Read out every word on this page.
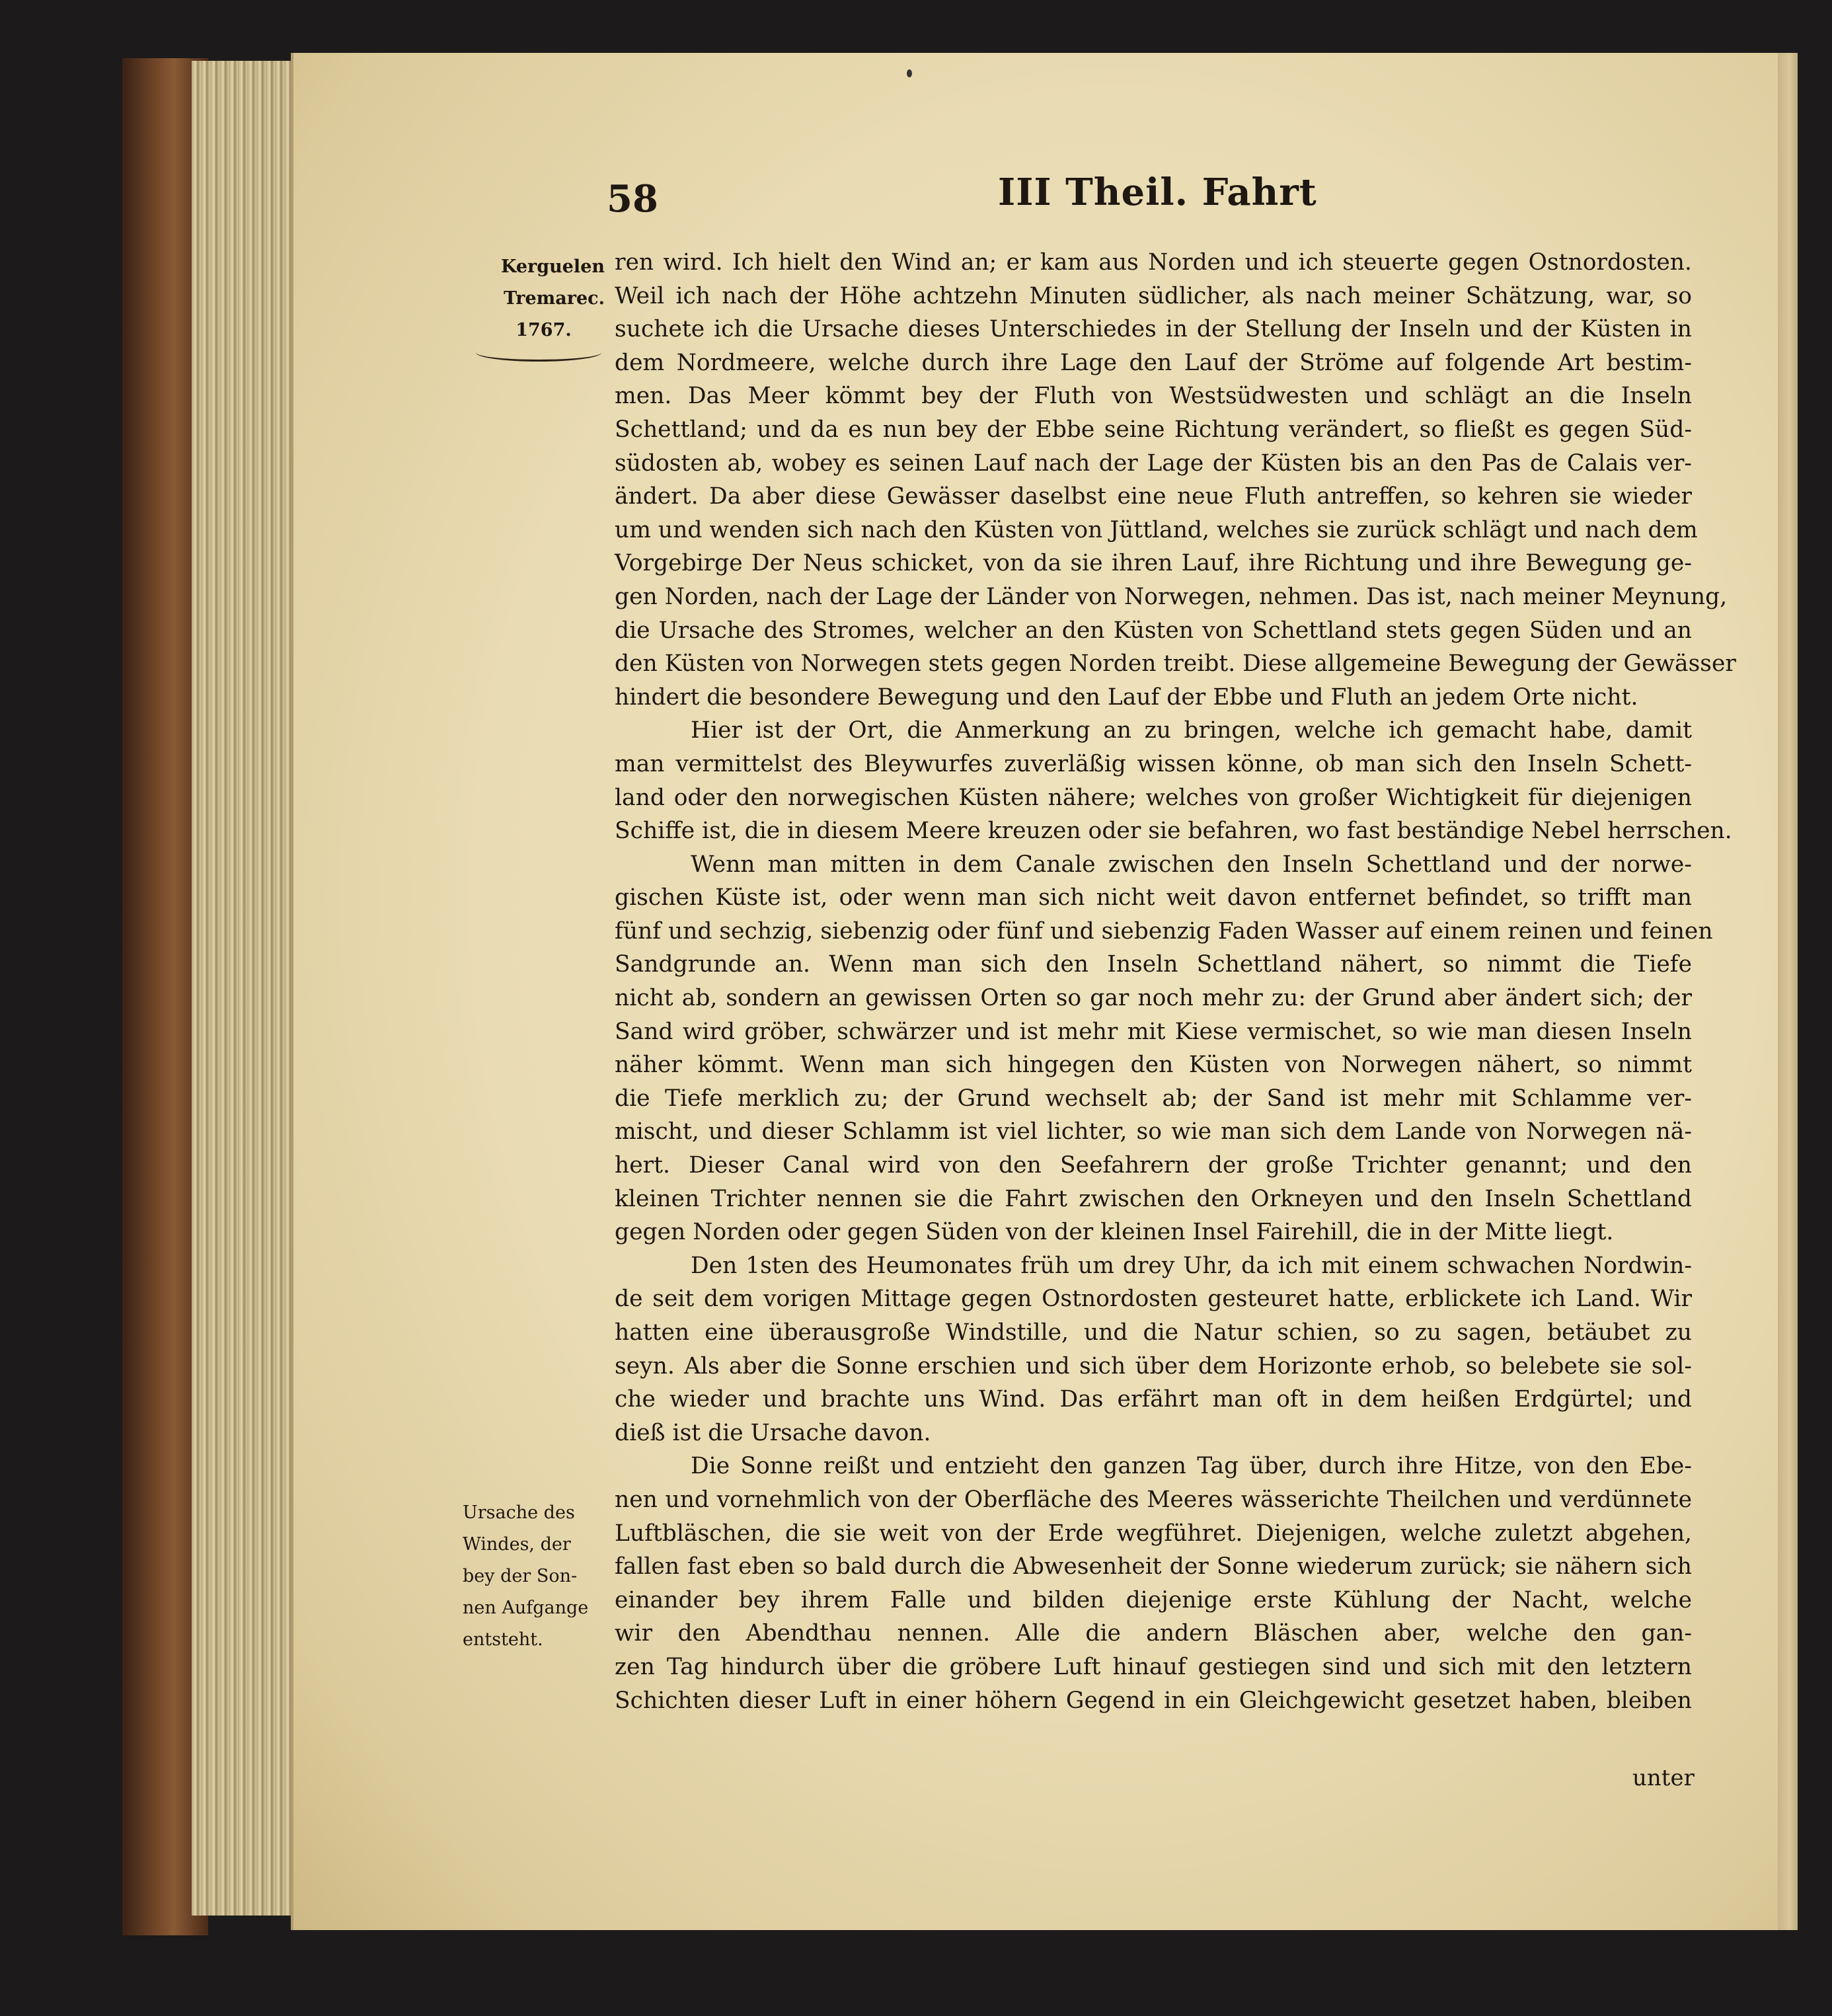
58	III Theil. Fahrt
Kerguelen
Tremarec.
1767.
Ursache des
Windes, der
bey der Son-
nen Aufgange
entsteht.
ren wird. Ich hielt den Wind an; er kam aus Norden und ich steuerte gegen Ostnordosten.
Weil ich nach der Höhe achtzehn Minuten südlicher, als nach meiner Schätzung, war, so
suchete ich die Ursache dieses Unterschiedes in der Stellung der Inseln und der Küsten in
dem Nordmeere, welche durch ihre Lage den Lauf der Ströme auf folgende Art bestim-
men. Das Meer kömmt bey der Fluth von Westsüdwesten und schlägt an die Inseln
Schettland; und da es nun bey der Ebbe seine Richtung verändert, so fließt es gegen Süd-
südosten ab, wobey es seinen Lauf nach der Lage der Küsten bis an den Pas de Calais ver-
ändert. Da aber diese Gewässer daselbst eine neue Fluth antreffen, so kehren sie wieder
um und wenden sich nach den Küsten von Jüttland, welches sie zurück schlägt und nach dem
Vorgebirge Der Neus schicket, von da sie ihren Lauf, ihre Richtung und ihre Bewegung ge-
gen Norden, nach der Lage der Länder von Norwegen, nehmen. Das ist, nach meiner Meynung,
die Ursache des Stromes, welcher an den Küsten von Schettland stets gegen Süden und an
den Küsten von Norwegen stets gegen Norden treibt. Diese allgemeine Bewegung der Gewässer
hindert die besondere Bewegung und den Lauf der Ebbe und Fluth an jedem Orte nicht.
Hier ist der Ort, die Anmerkung an zu bringen, welche ich gemacht habe, damit
man vermittelst des Bleywurfes zuverläßig wissen könne, ob man sich den Inseln Schett-
land oder den norwegischen Küsten nähere; welches von großer Wichtigkeit für diejenigen
Schiffe ist, die in diesem Meere kreuzen oder sie befahren, wo fast beständige Nebel herrschen.
Wenn man mitten in dem Canale zwischen den Inseln Schettland und der norwe-
gischen Küste ist, oder wenn man sich nicht weit davon entfernet befindet, so trifft man
fünf und sechzig, siebenzig oder fünf und siebenzig Faden Wasser auf einem reinen und feinen
Sandgrunde an. Wenn man sich den Inseln Schettland nähert, so nimmt die Tiefe
nicht ab, sondern an gewissen Orten so gar noch mehr zu: der Grund aber ändert sich; der
Sand wird gröber, schwärzer und ist mehr mit Kiese vermischet, so wie man diesen Inseln
näher kömmt. Wenn man sich hingegen den Küsten von Norwegen nähert, so nimmt
die Tiefe merklich zu; der Grund wechselt ab; der Sand ist mehr mit Schlamme ver-
mischt, und dieser Schlamm ist viel lichter, so wie man sich dem Lande von Norwegen nä-
hert. Dieser Canal wird von den Seefahrern der große Trichter genannt; und den
kleinen Trichter nennen sie die Fahrt zwischen den Orkneyen und den Inseln Schettland
gegen Norden oder gegen Süden von der kleinen Insel Fairehill, die in der Mitte liegt.
Den 1sten des Heumonates früh um drey Uhr, da ich mit einem schwachen Nordwin-
de seit dem vorigen Mittage gegen Ostnordosten gesteuret hatte, erblickete ich Land. Wir
hatten eine überausgroße Windstille, und die Natur schien, so zu sagen, betäubet zu
seyn. Als aber die Sonne erschien und sich über dem Horizonte erhob, so belebete sie sol-
che wieder und brachte uns Wind. Das erfährt man oft in dem heißen Erdgürtel; und
dieß ist die Ursache davon.
Die Sonne reißt und entzieht den ganzen Tag über, durch ihre Hitze, von den Ebe-
nen und vornehmlich von der Oberfläche des Meeres wässerichte Theilchen und verdünnete
Luftbläschen, die sie weit von der Erde wegführet. Diejenigen, welche zuletzt abgehen,
fallen fast eben so bald durch die Abwesenheit der Sonne wiederum zurück; sie nähern sich
einander bey ihrem Falle und bilden diejenige erste Kühlung der Nacht, welche
wir den Abendthau nennen. Alle die andern Bläschen aber, welche den gan-
zen Tag hindurch über die gröbere Luft hinauf gestiegen sind und sich mit den letztern
Schichten dieser Luft in einer höhern Gegend in ein Gleichgewicht gesetzet haben, bleiben
unter
